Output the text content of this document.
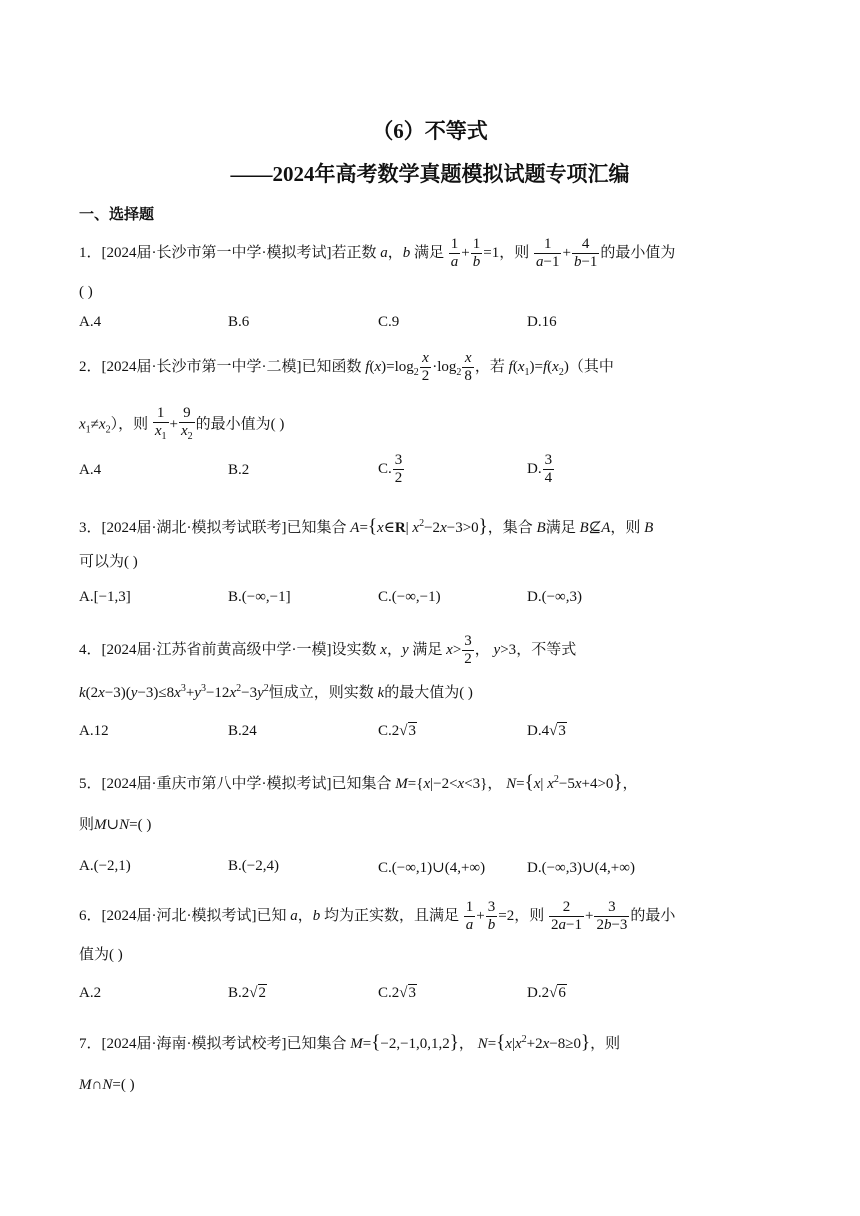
（6）不等式
——2024年高考数学真题模拟试题专项汇编
一、选择题
1．[2024届·长沙市第一中学·模拟考试]若正数 a，b 满足 $\frac{1}{a} + \frac{1}{b} =1$，则 $\frac{1}{a-1} + \frac{4}{b-1}$ 的最小值为
( )
A.4	B.6	C.9	D.16
2．[2024届·长沙市第一中学·二模]已知函数 $f(x)=\log_2 \frac{x}{2} \cdot\log_2 \frac{x}{8}$ ，若 $f(x_1)=f(x_2)$（其中
$x_1\ne x_2$），则 $\frac{1}{x_1} + \frac{9}{x_2}$ 的最小值为( )
A.4	B.2	C. $\frac{3}{2}$	D. $\frac{3}{4}$
3．[2024届·湖北·模拟考试联考]已知集合 A={x∈R| $x^2-2x-3>0$}，集合 B满足 B⊈A，则 B
可以为( )
A.[−1,3]	B.(−∞,−1]	C.(−∞,−1)	D.(−∞,3)
4．[2024届·江苏省前黄高级中学·一模]设实数 x，y 满足 $x> \frac{3}{2}$ ， y>3，不等式
$k(2x-3)(y-3)\le 8x^3+y^3-12x^2-3y^2$恒成立，则实数 k的最大值为( )
A.12	B.24	C.2√3	D.4√3
5．[2024届·重庆市第八中学·模拟考试]已知集合 M={x|−2<x<3}， N={x| $x^2-5x+4>0$}，
则M∪N=( )
A.(−2,1)	B.(−2,4)	C.(−∞,1)∪(4,+∞)	D.(−∞,3)∪(4,+∞)
6．[2024届·河北·模拟考试]已知 a，b 均为正实数，且满足 $\frac{1}{a} + \frac{3}{b} =2$，则 $\frac{2}{2a-1} + \frac{3}{2b-3}$ 的最小
值为( )
A.2	B.2√2	C.2√3	D.2√6
7．[2024届·海南·模拟考试校考]已知集合 M={−2,−1,0,1,2}， $N=\{x|x^2+2x-8\ge 0\}$，则
M∩N=( )
